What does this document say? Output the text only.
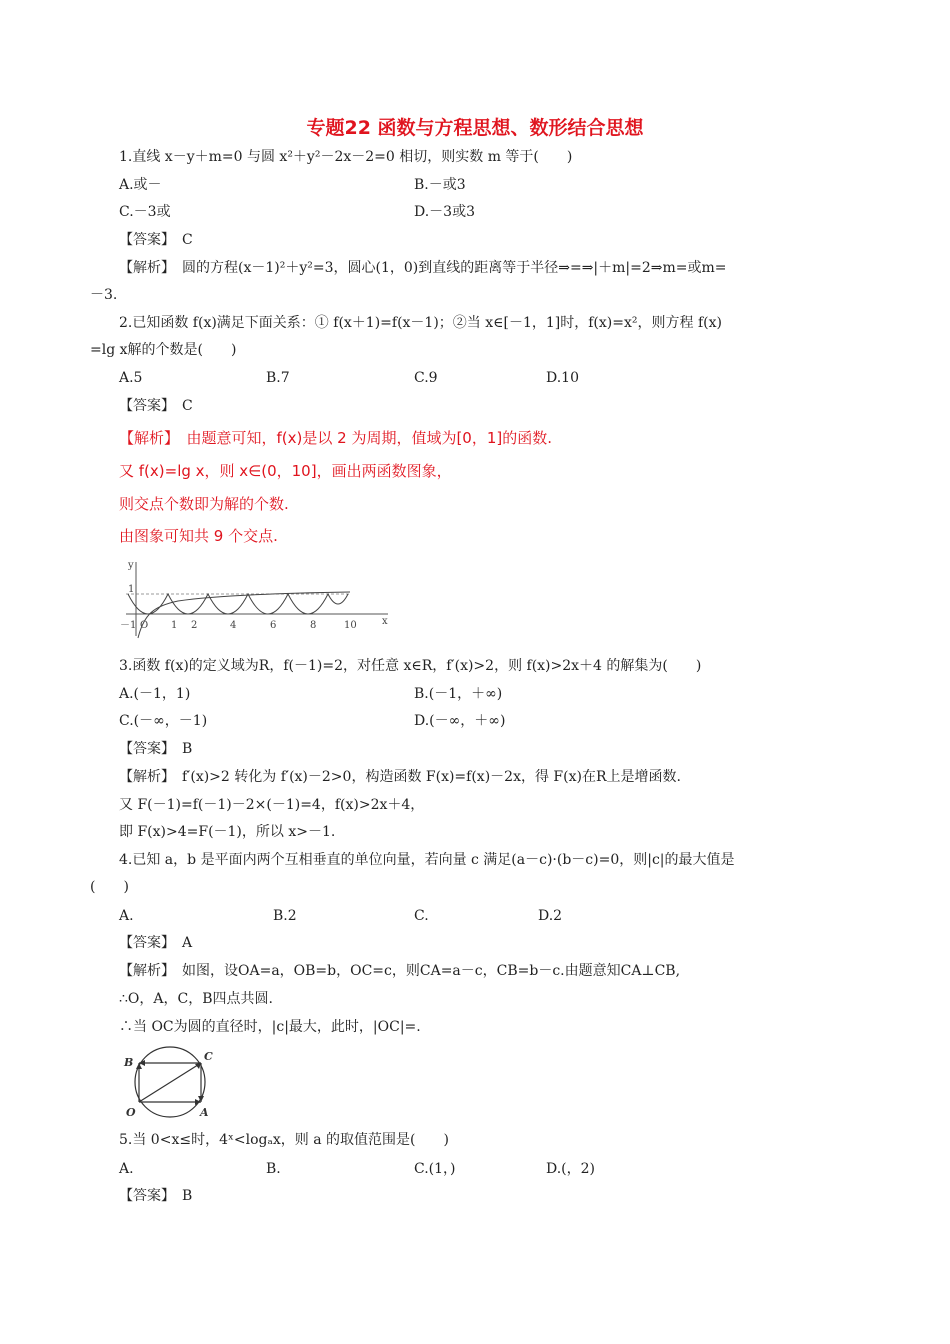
专题22 函数与方程思想、数形结合思想
1.直线 x－y＋m=0 与圆 x²＋y²－2x－2=0 相切，则实数 m 等于(　　)
A.或－	B.－或3
C.－3或	D.－3或3
【答案】　C
【解析】　圆的方程(x－1)²＋y²=3，圆心(1，0)到直线的距离等于半径⇒=⇒|＋m|=2⇒m=或m=
－3.
2.已知函数 f(x)满足下面关系：① f(x＋1)=f(x－1)；②当 x∈[－1，1]时，f(x)=x²，则方程 f(x)
=lg x解的个数是(　　)
A.5	B.7	C.9	D.10
【答案】　C
【解析】　由题意可知，f(x)是以 2 为周期，值域为[0，1]的函数.
又 f(x)=lg x，则 x∈(0，10]，画出两函数图象，
则交点个数即为解的个数.
由图象可知共 9 个交点.
y
x
1
－1 O 1 2	4	6	8	10
3.函数 f(x)的定义域为R，f(－1)=2，对任意 x∈R，f′(x)>2，则 f(x)>2x＋4 的解集为(　　)
A.(－1，1)	B.(－1，＋∞)
C.(－∞，－1)	D.(－∞，＋∞)
【答案】　B
【解析】　f′(x)>2 转化为 f′(x)－2>0，构造函数 F(x)=f(x)－2x，得 F(x)在R上是增函数.
又 F(－1)=f(－1)－2×(－1)=4，f(x)>2x＋4，
即 F(x)>4=F(－1)，所以 x>－1.
4.已知 a，b 是平面内两个互相垂直的单位向量，若向量 c 满足(a－c)·(b－c)=0，则|c|的最大值是
(　　)
A.	B.2	C.	D.2
【答案】　A
【解析】　如图，设OA=a，OB=b，OC=c，则CA=a－c，CB=b－c.由题意知CA⊥CB,
∴O，A，C，B四点共圆.
∴当 OC为圆的直径时，|c|最大，此时，|OC|=.
B	C
O	A
5.当 0<x≤时，4ˣ<logₐx，则 a 的取值范围是(　　)
A.	B.	C.(1，)	D.(，2)
【答案】　B
